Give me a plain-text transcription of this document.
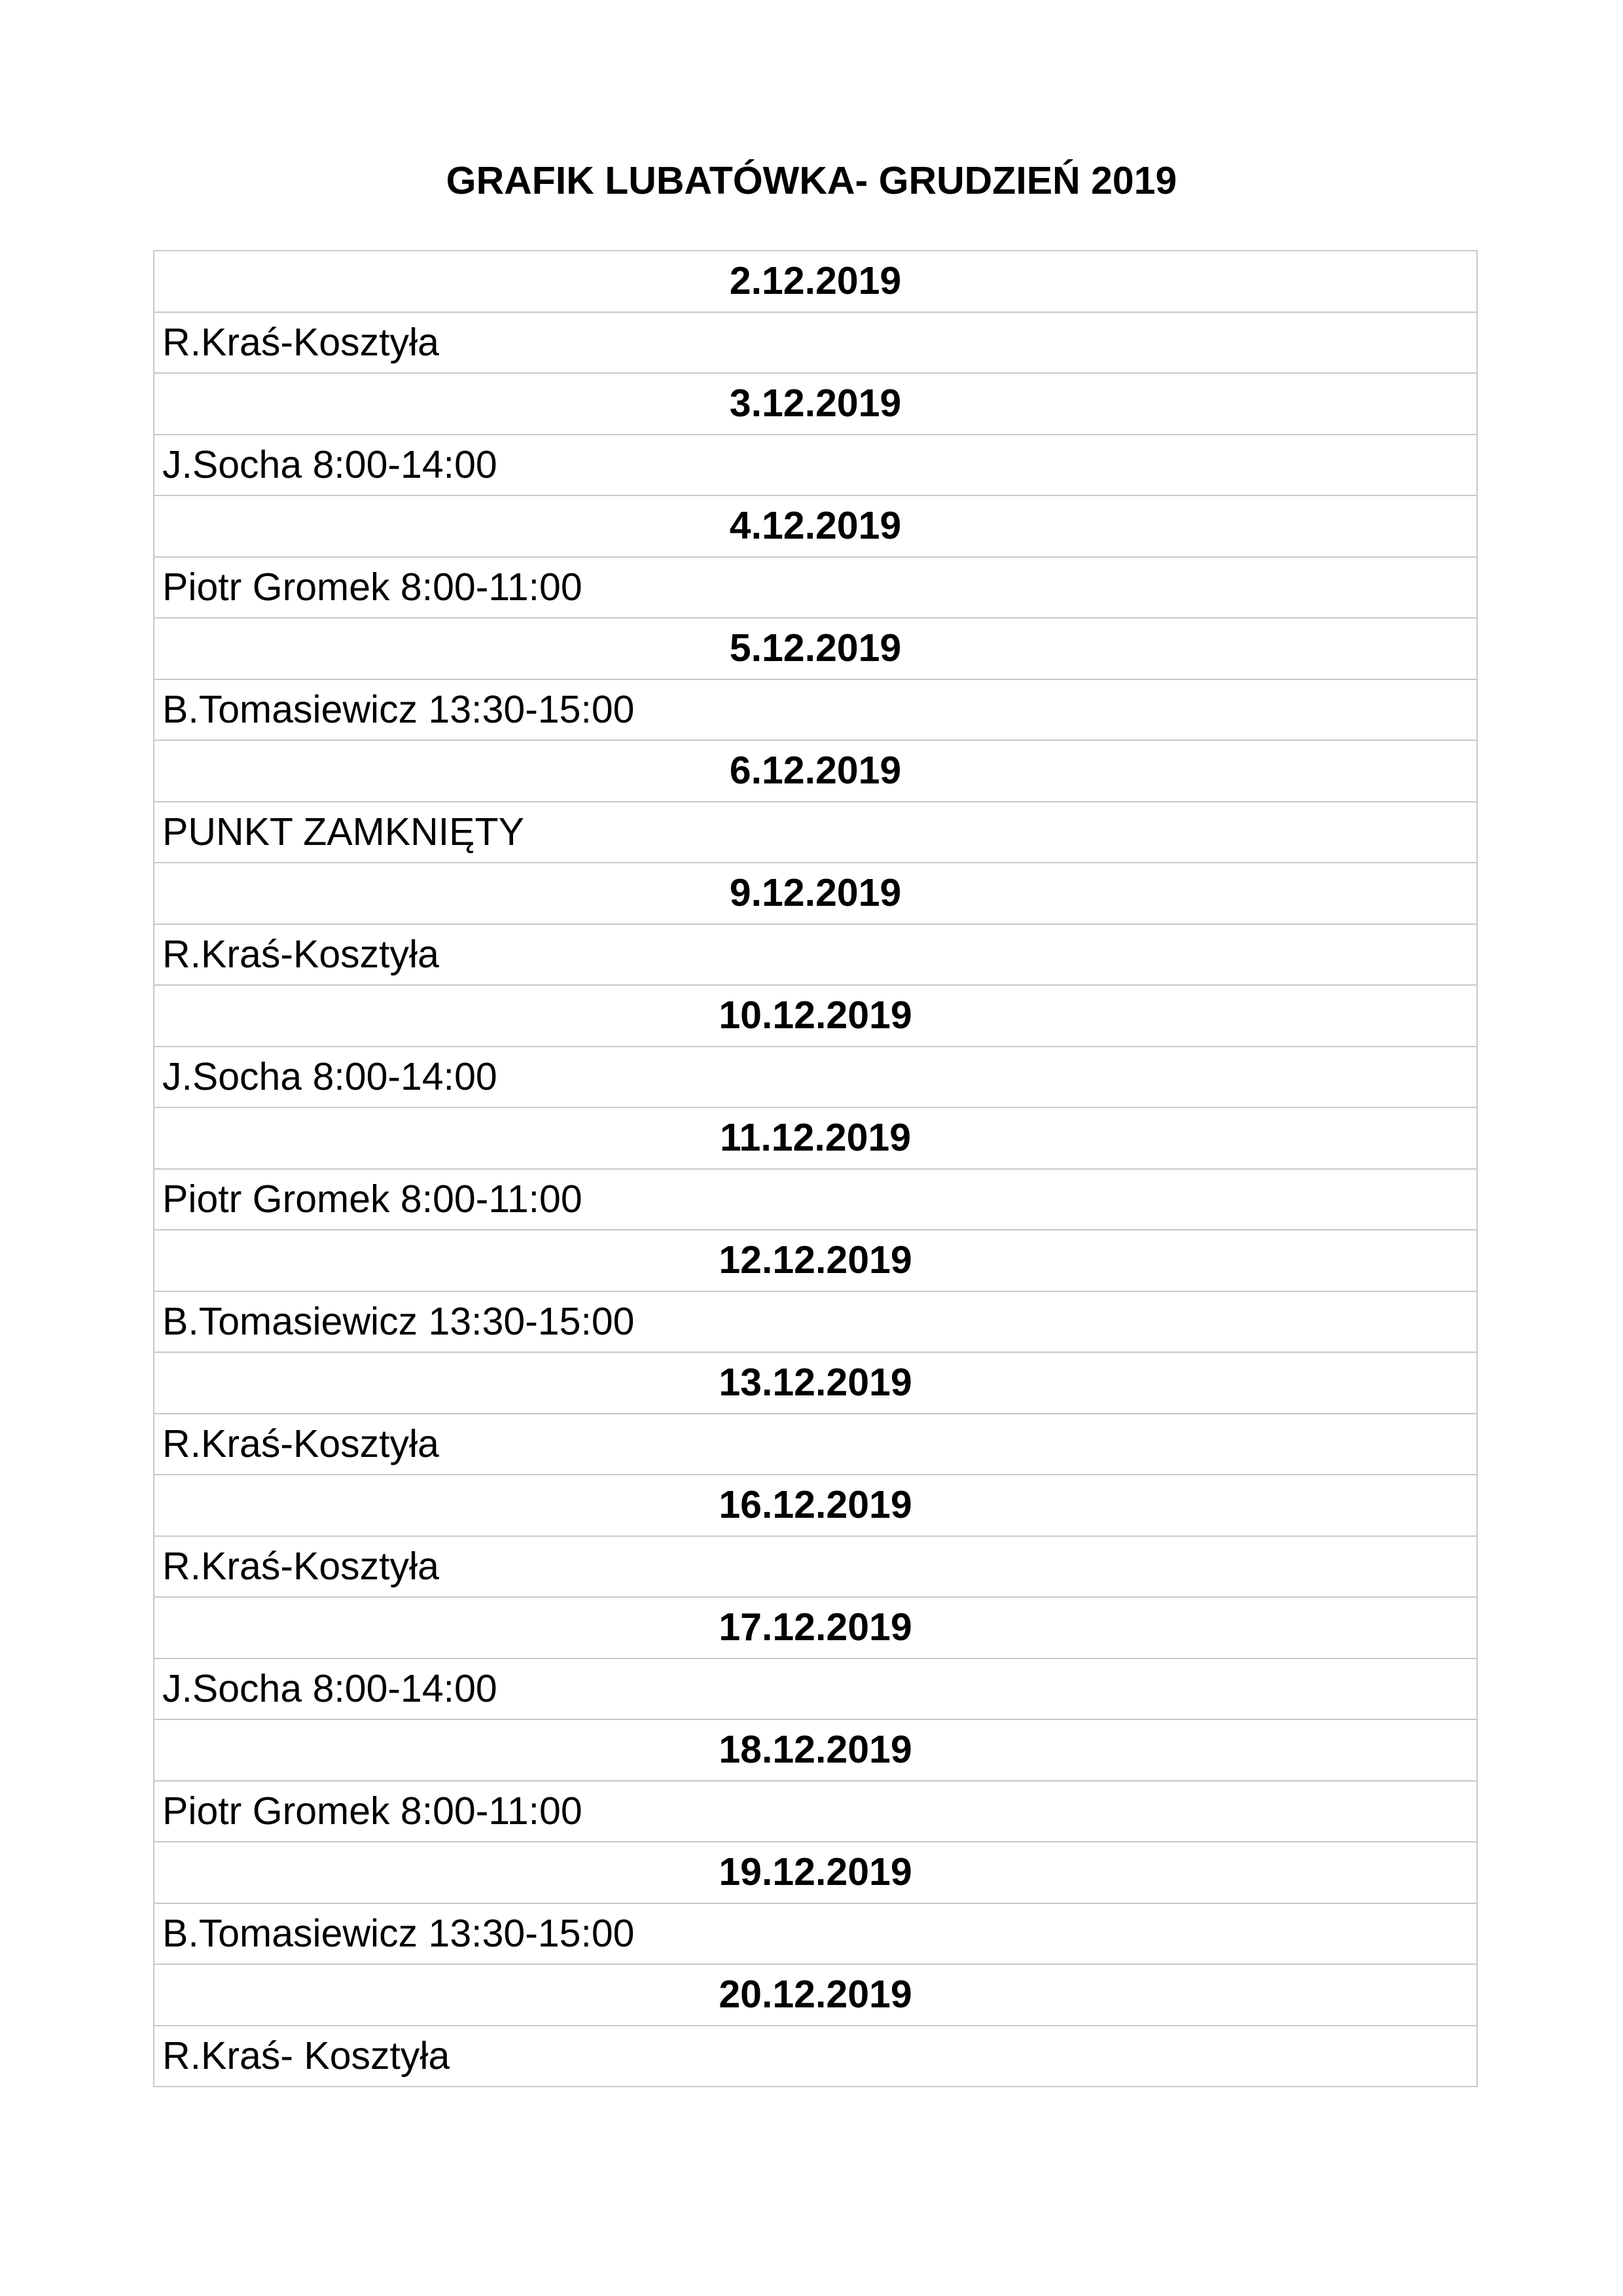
GRAFIK LUBATÓWKA- GRUDZIEŃ 2019
2.12.2019
R.Kraś-Kosztyła
3.12.2019
J.Socha 8:00-14:00
4.12.2019
Piotr Gromek 8:00-11:00
5.12.2019
B.Tomasiewicz 13:30-15:00
6.12.2019
PUNKT ZAMKNIĘTY
9.12.2019
R.Kraś-Kosztyła
10.12.2019
J.Socha 8:00-14:00
11.12.2019
Piotr Gromek 8:00-11:00
12.12.2019
B.Tomasiewicz 13:30-15:00
13.12.2019
R.Kraś-Kosztyła
16.12.2019
R.Kraś-Kosztyła
17.12.2019
J.Socha 8:00-14:00
18.12.2019
Piotr Gromek 8:00-11:00
19.12.2019
B.Tomasiewicz 13:30-15:00
20.12.2019
R.Kraś- Kosztyła
